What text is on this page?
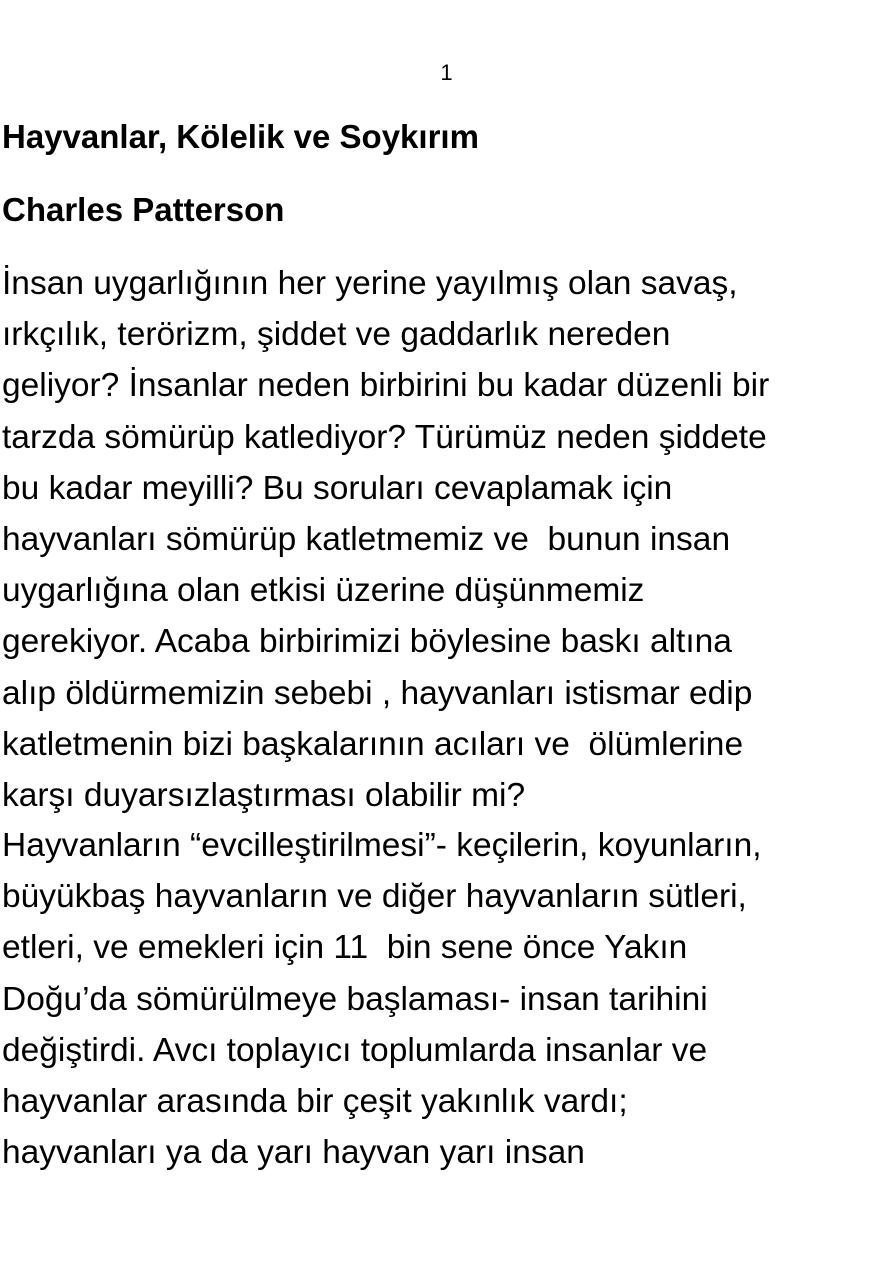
1
Hayvanlar, Kölelik ve Soykırım
Charles Patterson
İnsan uygarlığının her yerine yayılmış olan savaş,
ırkçılık, terörizm, şiddet ve gaddarlık nereden
geliyor? İnsanlar neden birbirini bu kadar düzenli bir
tarzda sömürüp katlediyor? Türümüz neden şiddete
bu kadar meyilli? Bu soruları cevaplamak için
hayvanları sömürüp katletmemiz ve  bunun insan
uygarlığına olan etkisi üzerine düşünmemiz
gerekiyor. Acaba birbirimizi böylesine baskı altına
alıp öldürmemizin sebebi , hayvanları istismar edip
katletmenin bizi başkalarının acıları ve  ölümlerine
karşı duyarsızlaştırması olabilir mi?
Hayvanların “evcilleştirilmesi”- keçilerin, koyunların,
büyükbaş hayvanların ve diğer hayvanların sütleri,
etleri, ve emekleri için 11  bin sene önce Yakın
Doğu’da sömürülmeye başlaması- insan tarihini
değiştirdi. Avcı toplayıcı toplumlarda insanlar ve
hayvanlar arasında bir çeşit yakınlık vardı;
hayvanları ya da yarı hayvan yarı insan
